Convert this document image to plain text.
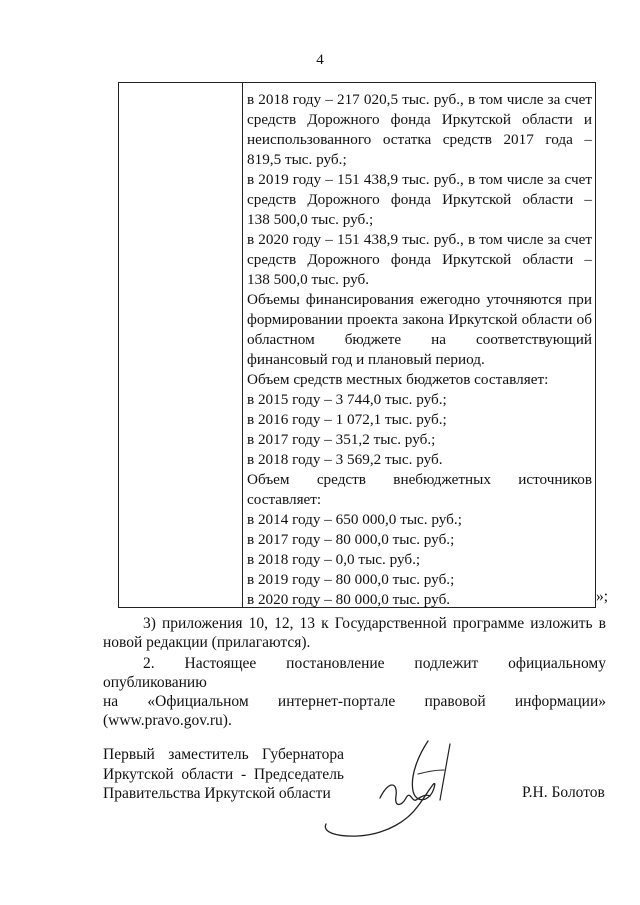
4
в 2018 году – 217 020,5 тыс. руб., в том числе за счет
средств Дорожного фонда Иркутской области и
неиспользованного остатка средств 2017 года –
819,5 тыс. руб.;
в 2019 году – 151 438,9 тыс. руб., в том числе за счет
средств Дорожного фонда Иркутской области –
138 500,0 тыс. руб.;
в 2020 году – 151 438,9 тыс. руб., в том числе за счет
средств Дорожного фонда Иркутской области –
138 500,0 тыс. руб.
Объемы финансирования ежегодно уточняются при
формировании проекта закона Иркутской области об
областном бюджете на соответствующий
финансовый год и плановый период.
Объем средств местных бюджетов составляет:
в 2015 году – 3 744,0 тыс. руб.;
в 2016 году – 1 072,1 тыс. руб.;
в 2017 году – 351,2 тыс. руб.;
в 2018 году – 3 569,2 тыс. руб.
Объем средств внебюджетных источников
составляет:
в 2014 году – 650 000,0 тыс. руб.;
в 2017 году – 80 000,0 тыс. руб.;
в 2018 году – 0,0 тыс. руб.;
в 2019 году – 80 000,0 тыс. руб.;
в 2020 году – 80 000,0 тыс. руб.	»;
3) приложения 10, 12, 13 к Государственной программе изложить в
новой редакции (прилагаются).
2. Настоящее постановление подлежит официальному опубликованию
на «Официальном интернет-портале правовой информации»
(www.pravo.gov.ru).
Первый заместитель Губернатора
Иркутской области - Председатель
Правительства Иркутской области	Р.Н. Болотов
